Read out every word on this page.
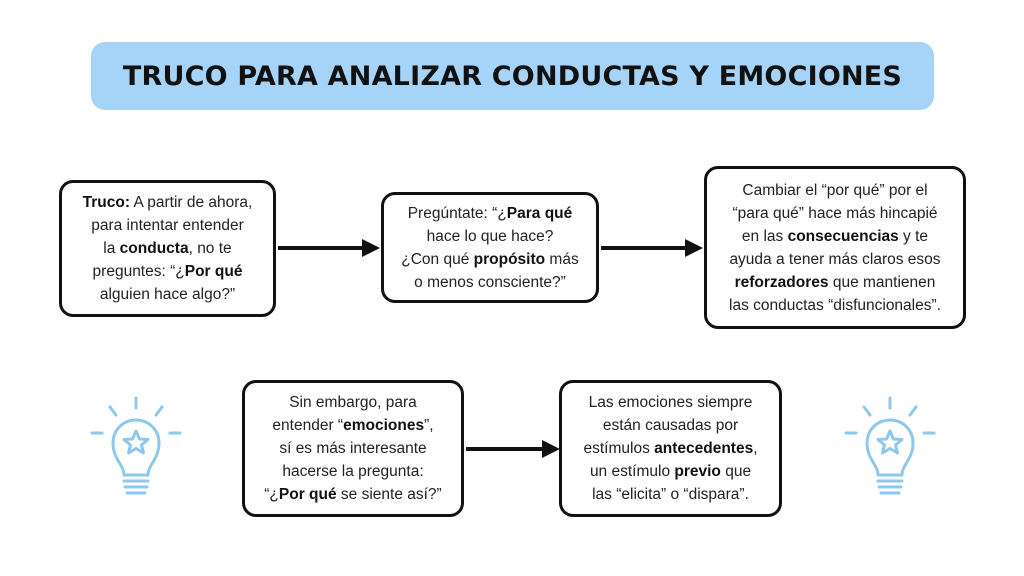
TRUCO PARA ANALIZAR CONDUCTAS Y EMOCIONES

Truco: A partir de ahora,
para intentar entender
la conducta, no te
preguntes: “¿Por qué
alguien hace algo?”

Pregúntate: “¿Para qué
hace lo que hace?
¿Con qué propósito más
o menos consciente?”

Cambiar el “por qué” por el
“para qué” hace más hincapié
en las consecuencias y te
ayuda a tener más claros esos
reforzadores que mantienen
las conductas “disfuncionales”.

Sin embargo, para
entender “emociones”,
sí es más interesante
hacerse la pregunta:
“¿Por qué se siente así?”

Las emociones siempre
están causadas por
estímulos antecedentes,
un estímulo previo que
las “elicita” o “dispara”.
